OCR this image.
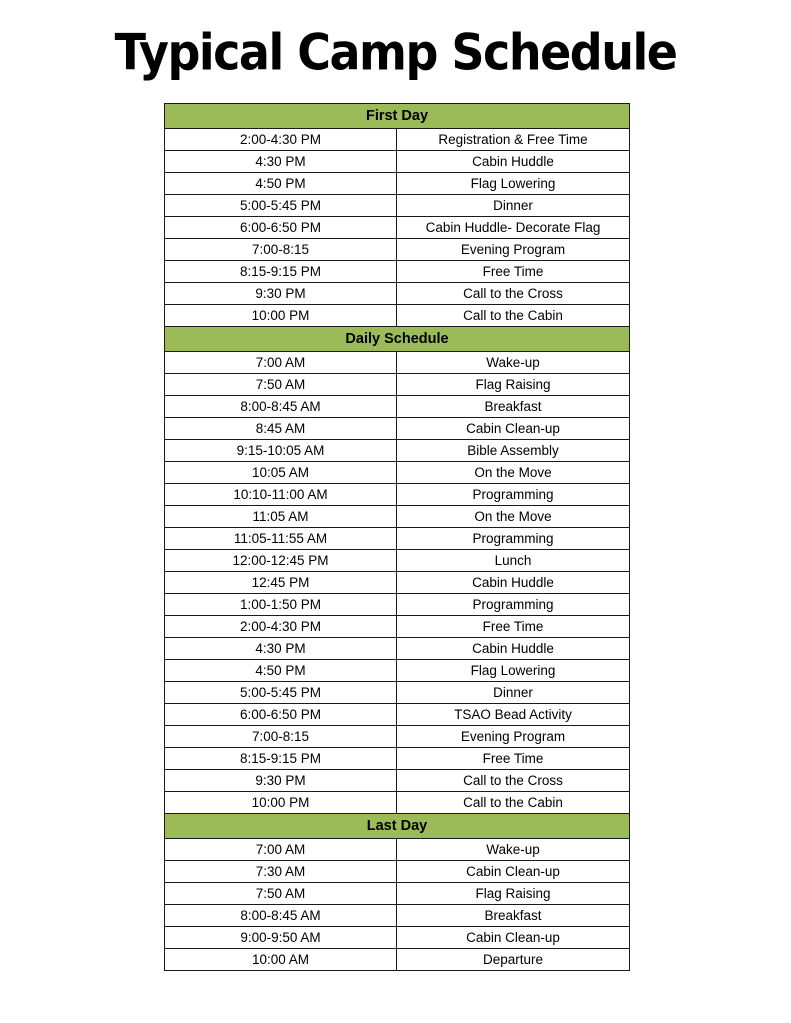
Typical Camp Schedule
First Day	
2:00-4:30 PM	Registration & Free Time
4:30 PM	Cabin Huddle
4:50 PM	Flag Lowering
5:00-5:45 PM	Dinner
6:00-6:50 PM	Cabin Huddle- Decorate Flag
7:00-8:15	Evening Program
8:15-9:15 PM	Free Time
9:30 PM	Call to the Cross
10:00 PM	Call to the Cabin
Daily Schedule	
7:00 AM	Wake-up
7:50 AM	Flag Raising
8:00-8:45 AM	Breakfast
8:45 AM	Cabin Clean-up
9:15-10:05 AM	Bible Assembly
10:05 AM	On the Move
10:10-11:00 AM	Programming
11:05 AM	On the Move
11:05-11:55 AM	Programming
12:00-12:45 PM	Lunch
12:45 PM	Cabin Huddle
1:00-1:50 PM	Programming
2:00-4:30 PM	Free Time
4:30 PM	Cabin Huddle
4:50 PM	Flag Lowering
5:00-5:45 PM	Dinner
6:00-6:50 PM	TSAO Bead Activity
7:00-8:15	Evening Program
8:15-9:15 PM	Free Time
9:30 PM	Call to the Cross
10:00 PM	Call to the Cabin
Last Day	
7:00 AM	Wake-up
7:30 AM	Cabin Clean-up
7:50 AM	Flag Raising
8:00-8:45 AM	Breakfast
9:00-9:50 AM	Cabin Clean-up
10:00 AM	Departure
